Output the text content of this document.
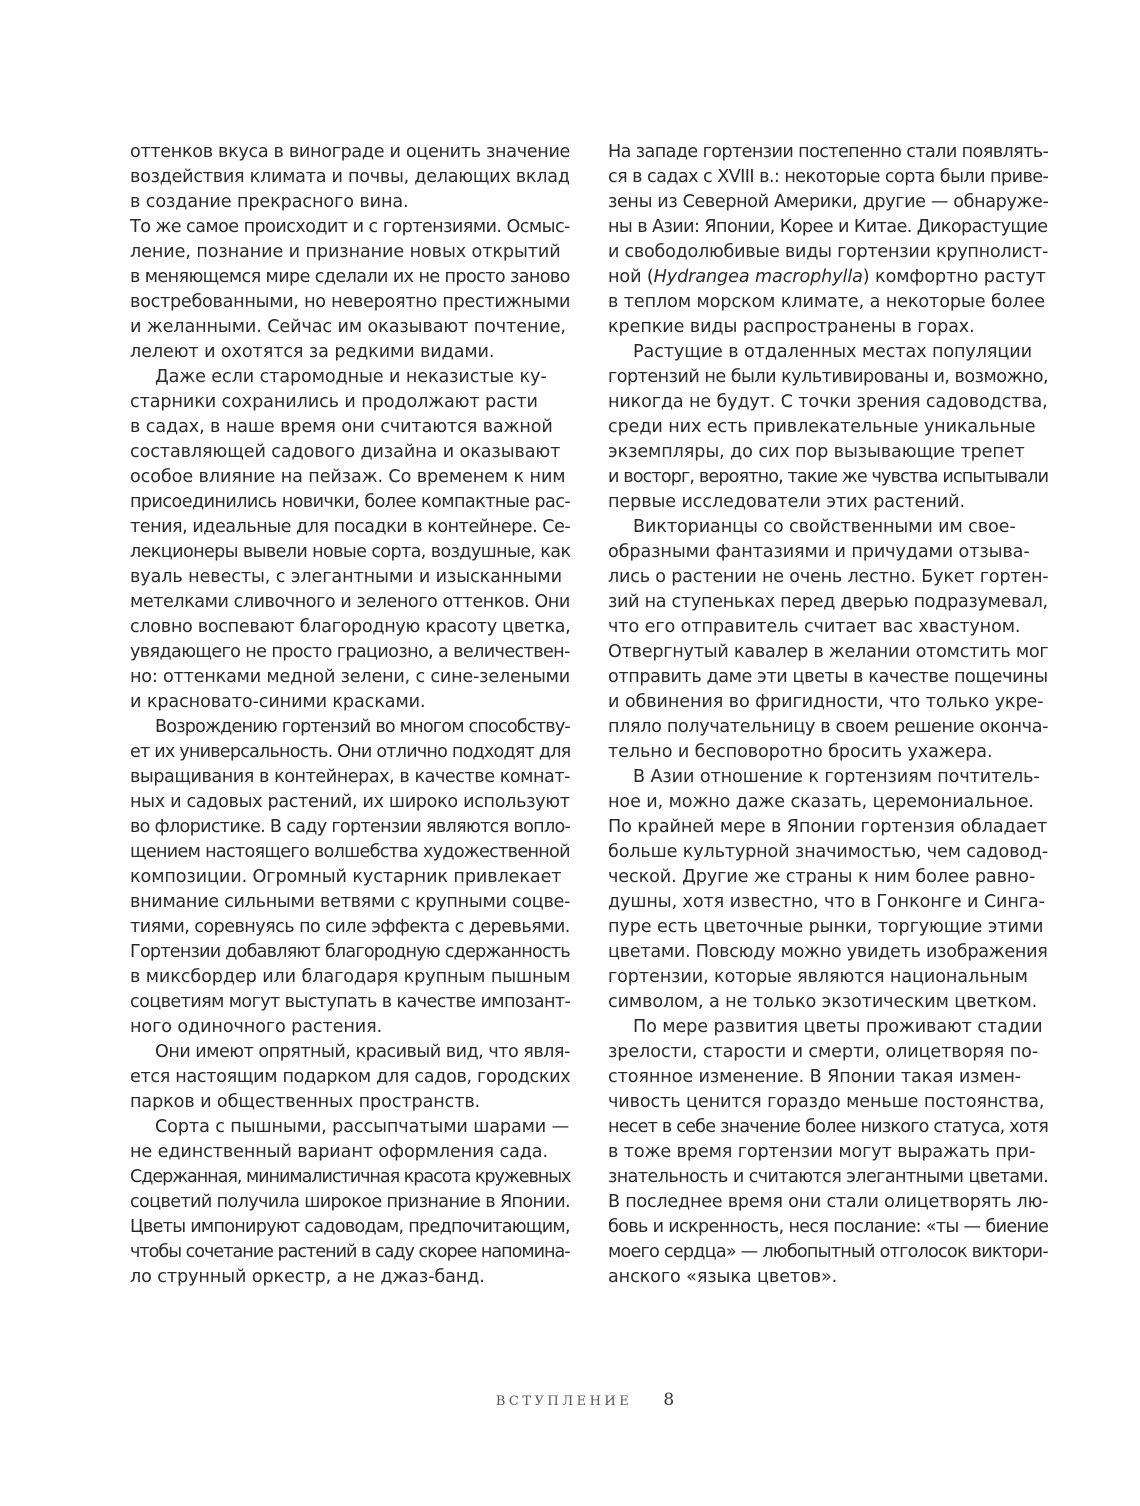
оттенков вкуса в винограде и оценить значение
воздействия климата и почвы, делающих вклад
в создание прекрасного вина.
То же самое происходит и с гортензиями. Осмыс-
ление, познание и признание новых открытий
в меняющемся мире сделали их не просто заново
востребованными, но невероятно престижными
и желанными. Сейчас им оказывают почтение,
лелеют и охотятся за редкими видами.
Даже если старомодные и неказистые ку-
старники сохранились и продолжают расти
в садах, в наше время они считаются важной
составляющей садового дизайна и оказывают
особое влияние на пейзаж. Со временем к ним
присоединились новички, более компактные рас-
тения, идеальные для посадки в контейнере. Се-
лекционеры вывели новые сорта, воздушные, как
вуаль невесты, с элегантными и изысканными
метелками сливочного и зеленого оттенков. Они
словно воспевают благородную красоту цветка,
увядающего не просто грациозно, а величествен-
но: оттенками медной зелени, с сине-зелеными
и красновато-синими красками.
Возрождению гортензий во многом способству-
ет их универсальность. Они отлично подходят для
выращивания в контейнерах, в качестве комнат-
ных и садовых растений, их широко используют
во флористике. В саду гортензии являются вопло-
щением настоящего волшебства художественной
композиции. Огромный кустарник привлекает
внимание сильными ветвями с крупными соцве-
тиями, соревнуясь по силе эффекта с деревьями.
Гортензии добавляют благородную сдержанность
в миксбордер или благодаря крупным пышным
соцветиям могут выступать в качестве импозант-
ного одиночного растения.
Они имеют опрятный, красивый вид, что явля-
ется настоящим подарком для садов, городских
парков и общественных пространств.
Сорта с пышными, рассыпчатыми шарами —
не единственный вариант оформления сада.
Сдержанная, минималистичная красота кружевных
соцветий получила широкое признание в Японии.
Цветы импонируют садоводам, предпочитающим,
чтобы сочетание растений в саду скорее напомина-
ло струнный оркестр, а не джаз-банд.
На западе гортензии постепенно стали появлять-
ся в садах с XVIII в.: некоторые сорта были приве-
зены из Северной Америки, другие — обнаруже-
ны в Азии: Японии, Корее и Китае. Дикорастущие
и свободолюбивые виды гортензии крупнолист-
ной (Hydrangea macrophylla) комфортно растут
в теплом морском климате, а некоторые более
крепкие виды распространены в горах.
Растущие в отдаленных местах популяции
гортензий не были культивированы и, возможно,
никогда не будут. С точки зрения садоводства,
среди них есть привлекательные уникальные
экземпляры, до сих пор вызывающие трепет
и восторг, вероятно, такие же чувства испытывали
первые исследователи этих растений.
Викторианцы со свойственными им свое-
образными фантазиями и причудами отзыва-
лись о растении не очень лестно. Букет гортен-
зий на ступеньках перед дверью подразумевал,
что его отправитель считает вас хвастуном.
Отвергнутый кавалер в желании отомстить мог
отправить даме эти цветы в качестве пощечины
и обвинения во фригидности, что только укре-
пляло получательницу в своем решение оконча-
тельно и бесповоротно бросить ухажера.
В Азии отношение к гортензиям почтитель-
ное и, можно даже сказать, церемониальное.
По крайней мере в Японии гортензия обладает
больше культурной значимостью, чем садовод-
ческой. Другие же страны к ним более равно-
душны, хотя известно, что в Гонконге и Синга-
пуре есть цветочные рынки, торгующие этими
цветами. Повсюду можно увидеть изображения
гортензии, которые являются национальным
символом, а не только экзотическим цветком.
По мере развития цветы проживают стадии
зрелости, старости и смерти, олицетворяя по-
стоянное изменение. В Японии такая измен-
чивость ценится гораздо меньше постоянства,
несет в себе значение более низкого статуса, хотя
в тоже время гортензии могут выражать при-
знательность и считаются элегантными цветами.
В последнее время они стали олицетворять лю-
бовь и искренность, неся послание: «ты — биение
моего сердца» — любопытный отголосок виктори-
анского «языка цветов».
ВСТУПЛЕНИЕ 8
